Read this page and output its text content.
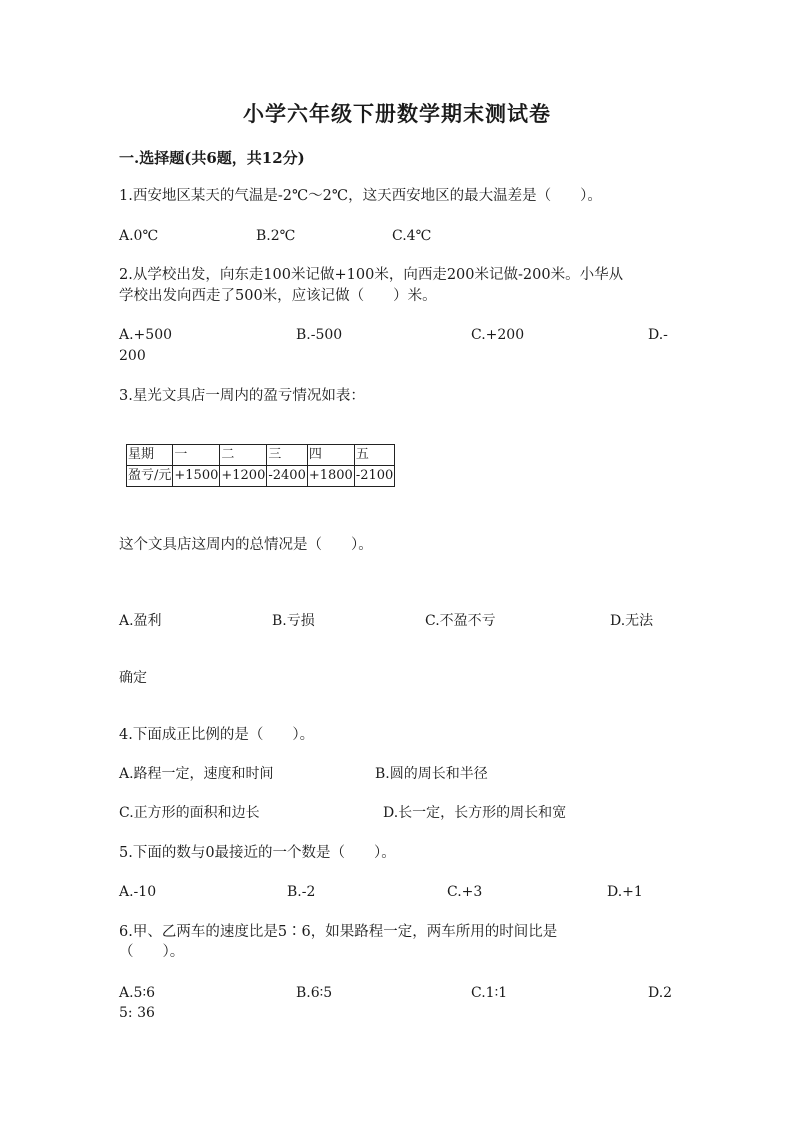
小学六年级下册数学期末测试卷
一.选择题(共6题，共12分)
1.西安地区某天的气温是-2℃～2℃，这天西安地区的最大温差是（　　）。
A.0℃	B.2℃	C.4℃
2.从学校出发，向东走100米记做+100米，向西走200米记做-200米。小华从
学校出发向西走了500米，应该记做（　　）米。
A.+500	B.-500	C.+200	D.-
200
3.星光文具店一周内的盈亏情况如表：
星期	一	二	三	四	五
盈亏/元	+1500	+1200	-2400	+1800	-2100
这个文具店这周内的总情况是（　　）。
A.盈利	B.亏损	C.不盈不亏	D.无法
确定
4.下面成正比例的是（　　）。
A.路程一定，速度和时间	B.圆的周长和半径
C.正方形的面积和边长	D.长一定，长方形的周长和宽
5.下面的数与0最接近的一个数是（　　）。
A.-10	B.-2	C.+3	D.+1
6.甲、乙两车的速度比是5∶6，如果路程一定，两车所用的时间比是
（　　）。
A.5∶6	B.6∶5	C.1∶1	D.2
5: 36
